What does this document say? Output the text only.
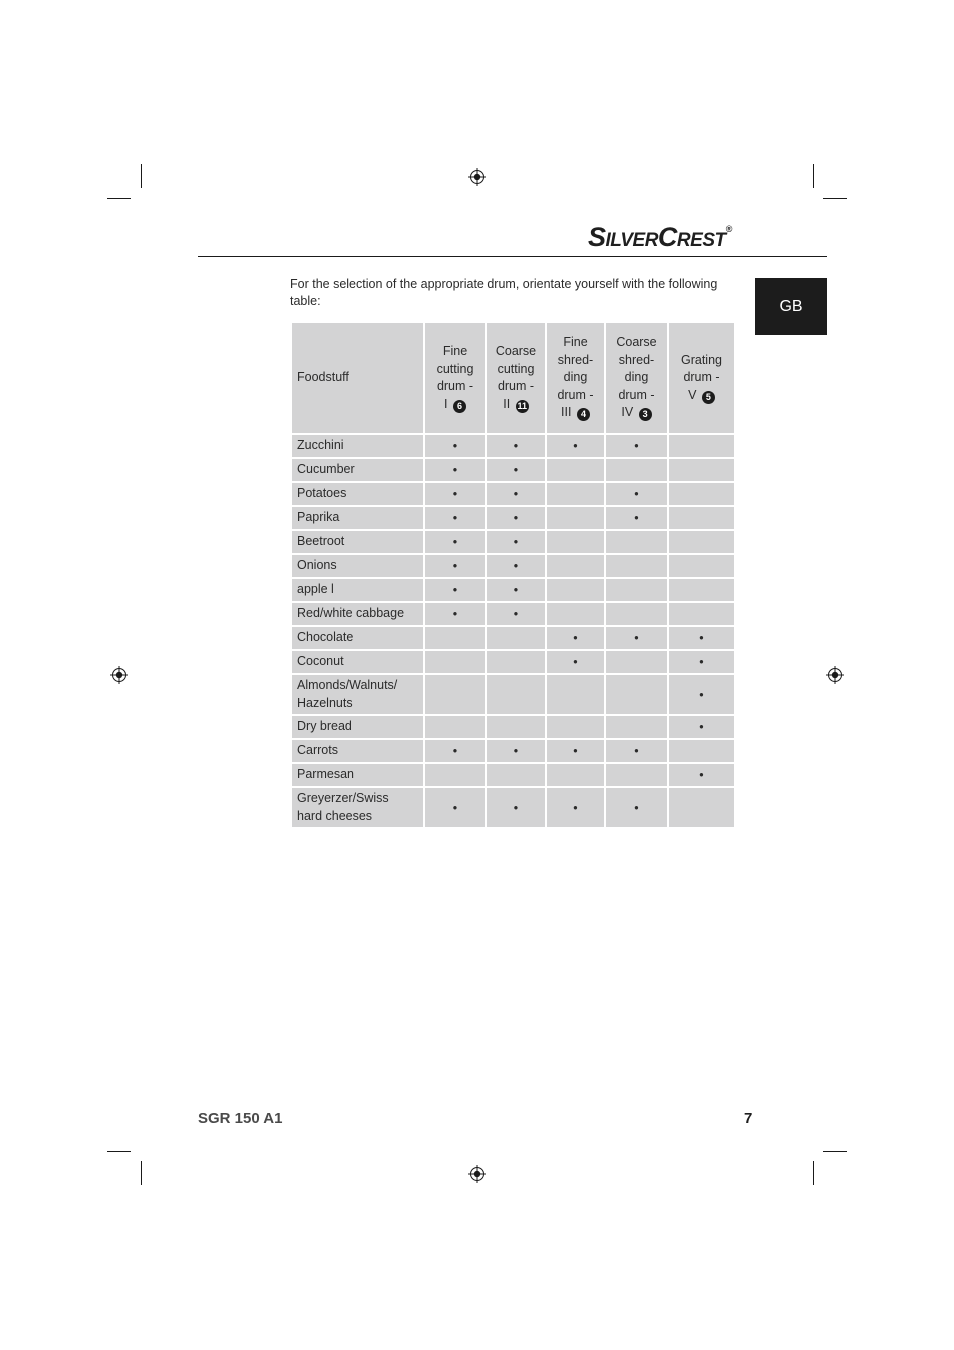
SILVERCREST®
GB
For the selection of the appropriate drum, orientate yourself with the following table:
Foodstuff	Fine
cutting
drum -
I 6	Coarse
cutting
drum -
II 11	Fine
shred-
ding
drum -
III 4	Coarse
shred-
ding
drum -
IV 3	Grating
drum -
V 5

Zucchini	•	•	•	•	
Cucumber	•	•			
Potatoes	•	•		•	
Paprika	•	•		•	
Beetroot	•	•			
Onions	•	•			
apple l	•	•			
Red/white cabbage	•	•			
Chocolate			•	•	•
Coconut			•		•

Almonds/Walnuts/
Hazelnuts					•
Dry bread					•
Carrots	•	•	•	•	
Parmesan					•

Greyerzer/Swiss
hard cheeses	•	•	•	•	
SGR 150 A1	7
